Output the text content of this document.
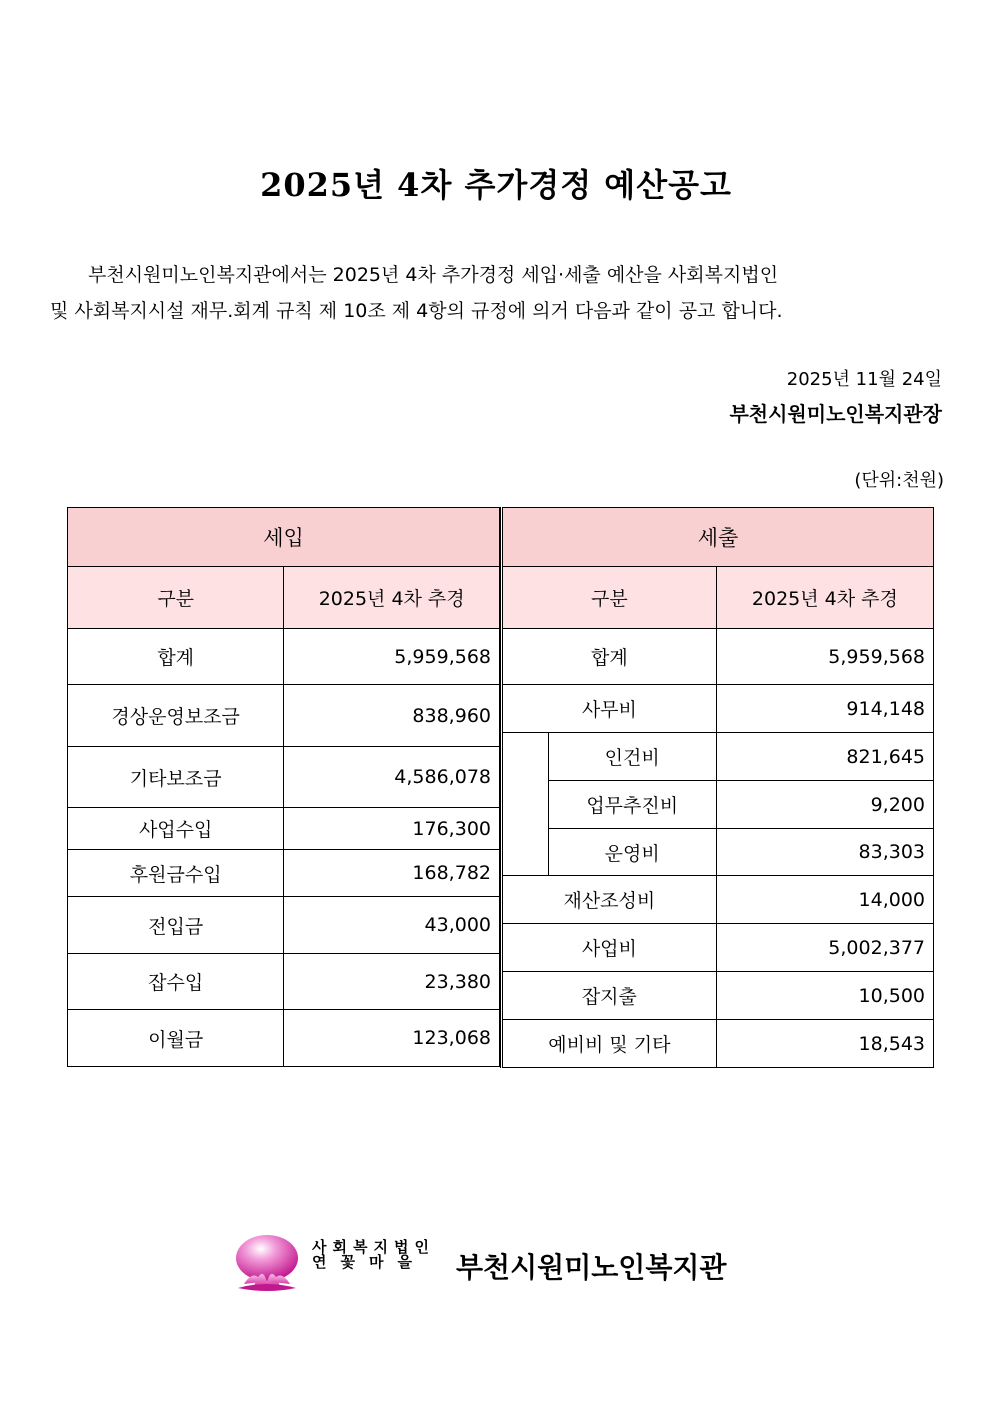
2025년 4차 추가경정 예산공고
부천시원미노인복지관에서는 2025년 4차 추가경정 세입·세출 예산을 사회복지법인
및 사회복지시설 재무.회계 규칙 제 10조 제 4항의 규정에 의거 다음과 같이 공고 합니다.
2025년 11월 24일
부천시원미노인복지관장
(단위:천원)
세입	
구분	2025년 4차 추경
합계	5,959,568
경상운영보조금	838,960
기타보조금	4,586,078
사업수입	176,300
후원금수입	168,782
전입금	43,000
잡수입	23,380
이월금	123,068
세출		
구분		2025년 4차 추경
합계		5,959,568
사무비		914,148
	인건비	821,645
	업무추진비	9,200
	운영비	83,303
재산조성비		14,000
사업비		5,002,377
잡지출		10,500
예비비 및 기타		18,543
사회복지법인
연꽃마을	부천시원미노인복지관
